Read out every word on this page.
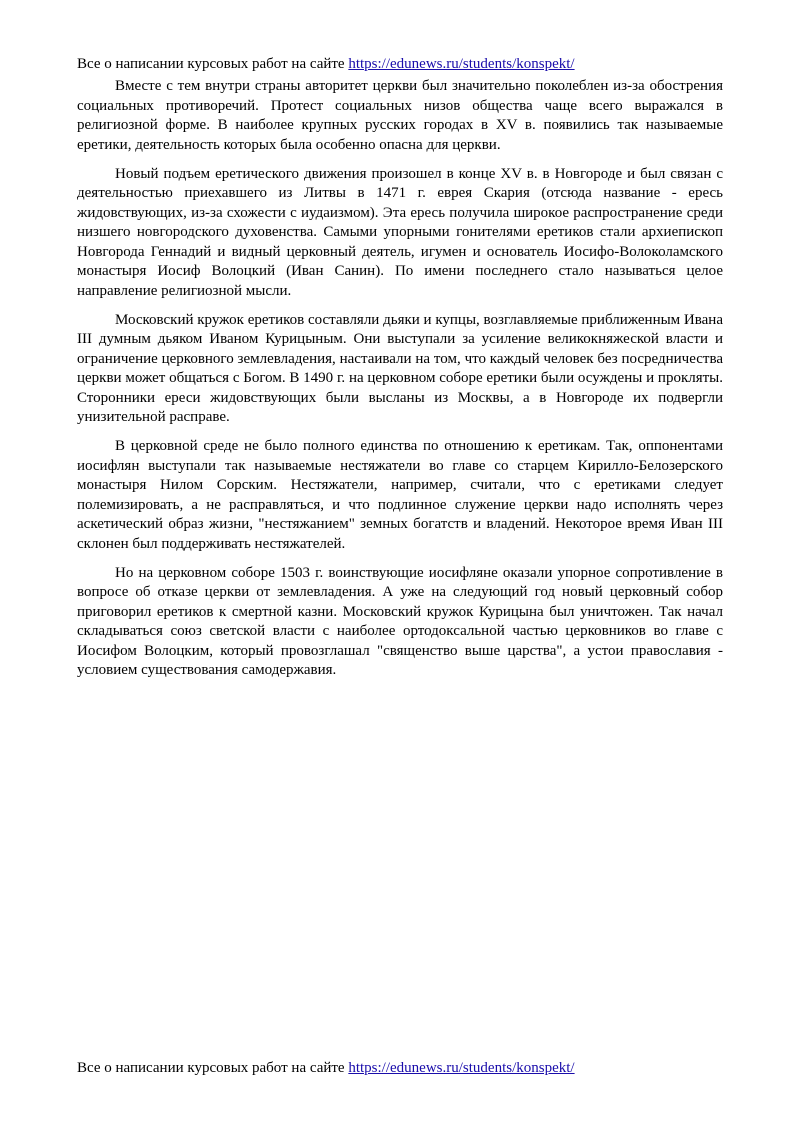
Все о написании курсовых работ на сайте https://edunews.ru/students/konspekt/

Вместе с тем внутри страны авторитет церкви был значительно поколеблен из-за обострения социальных противоречий. Протест социальных низов общества чаще всего выражался в религиозной форме. В наиболее крупных русских городах в XV в. появились так называемые еретики, деятельность которых была особенно опасна для церкви.

Новый подъем еретического движения произошел в конце XV в. в Новгороде и был связан с деятельностью приехавшего из Литвы в 1471 г. еврея Скария (отсюда название - ересь жидовствующих, из-за схожести с иудаизмом). Эта ересь получила широкое распространение среди низшего новгородского духовенства. Самыми упорными гонителями еретиков стали архиепископ Новгорода Геннадий и видный церковный деятель, игумен и основатель Иосифо-Волоколамского монастыря Иосиф Волоцкий (Иван Санин). По имени последнего стало называться целое направление религиозной мысли.

Московский кружок еретиков составляли дьяки и купцы, возглавляемые приближенным Ивана III думным дьяком Иваном Курицыным. Они выступали за усиление великокняжеской власти и ограничение церковного землевладения, настаивали на том, что каждый человек без посредничества церкви может общаться с Богом. В 1490 г. на церковном соборе еретики были осуждены и прокляты. Сторонники ереси жидовствующих были высланы из Москвы, а в Новгороде их подвергли унизительной расправе.

В церковной среде не было полного единства по отношению к еретикам. Так, оппонентами иосифлян выступали так называемые нестяжатели во главе со старцем Кирилло-Белозерского монастыря Нилом Сорским. Нестяжатели, например, считали, что с еретиками следует полемизировать, а не расправляться, и что подлинное служение церкви надо исполнять через аскетический образ жизни, "нестяжанием" земных богатств и владений. Некоторое время Иван III склонен был поддерживать нестяжателей.

Но на церковном соборе 1503 г. воинствующие иосифляне оказали упорное сопротивление в вопросе об отказе церкви от землевладения. А уже на следующий год новый церковный собор приговорил еретиков к смертной казни. Московский кружок Курицына был уничтожен. Так начал складываться союз светской власти с наиболее ортодоксальной частью церковников во главе с Иосифом Волоцким, который провозглашал "священство выше царства", а устои православия - условием существования самодержавия.

Все о написании курсовых работ на сайте https://edunews.ru/students/konspekt/
